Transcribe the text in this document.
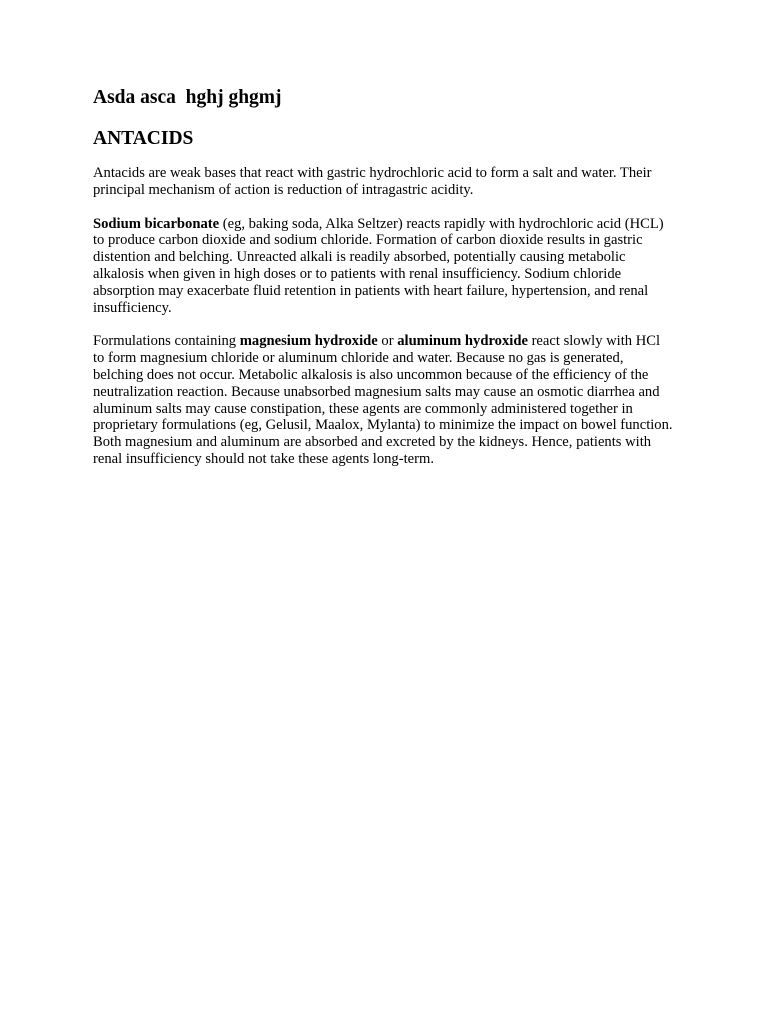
Asda asca  hghj ghgmj
ANTACIDS

Antacids are weak bases that react with gastric hydrochloric acid to form a salt and water. Their principal mechanism of action is reduction of intragastric acidity.

Sodium bicarbonate (eg, baking soda, Alka Seltzer) reacts rapidly with hydrochloric acid (HCL) to produce carbon dioxide and sodium chloride. Formation of carbon dioxide results in gastric distention and belching. Unreacted alkali is readily absorbed, potentially causing metabolic alkalosis when given in high doses or to patients with renal insufficiency. Sodium chloride absorption may exacerbate fluid retention in patients with heart failure, hypertension, and renal insufficiency.

Formulations containing magnesium hydroxide or aluminum hydroxide react slowly with HCl to form magnesium chloride or aluminum chloride and water. Because no gas is generated, belching does not occur. Metabolic alkalosis is also uncommon because of the efficiency of the neutralization reaction. Because unabsorbed magnesium salts may cause an osmotic diarrhea and aluminum salts may cause constipation, these agents are commonly administered together in proprietary formulations (eg, Gelusil, Maalox, Mylanta) to minimize the impact on bowel function. Both magnesium and aluminum are absorbed and excreted by the kidneys. Hence, patients with renal insufficiency should not take these agents long-term.
